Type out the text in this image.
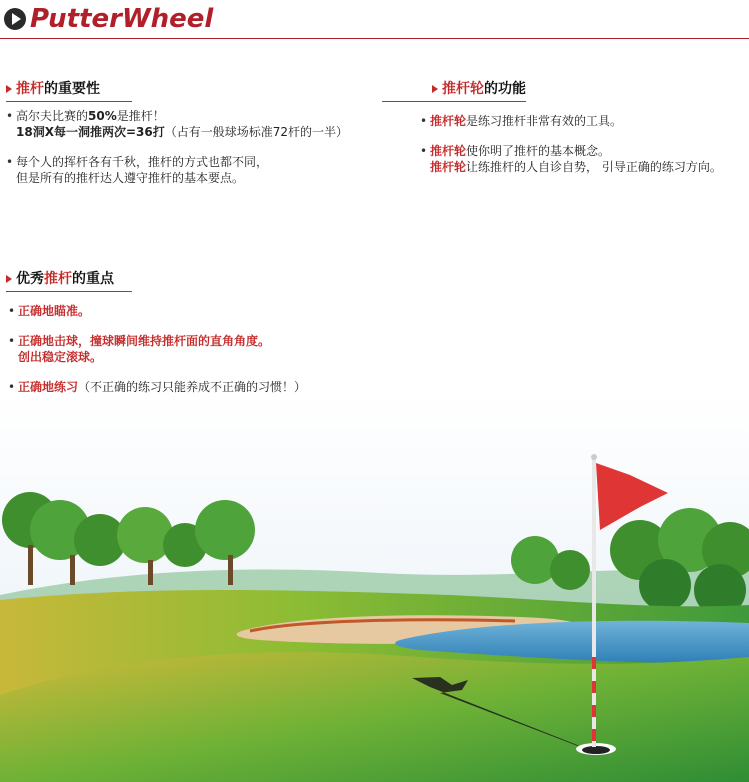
PutterWheel
推杆的重要性
• 高尔夫比赛的50%是推杆！
18洞X每一洞推两次=36打（占有一般球场标准72杆的一半）
• 每个人的挥杆各有千秋，推杆的方式也都不同，
但是所有的推杆达人遵守推杆的基本要点。
推杆轮的功能
• 推杆轮是练习推杆非常有效的工具。
• 推杆轮使你明了推杆的基本概念。
推杆轮让练推杆的人自诊自势， 引导正确的练习方向。
优秀推杆的重点
• 正确地瞄准。
• 正确地击球，撞球瞬间维持推杆面的直角角度。
创出稳定滚球。
• 正确地练习（不正确的练习只能养成不正确的习惯！）
